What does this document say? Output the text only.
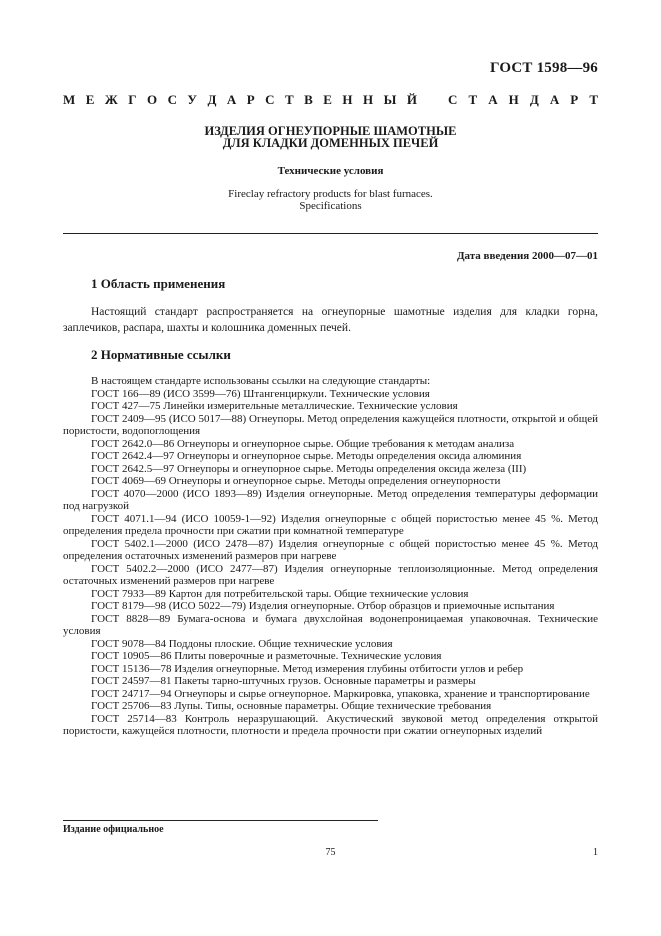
ГОСТ 1598—96
М Е Ж Г О С У Д А Р С Т В Е Н Н Ы Й С Т А Н Д А Р Т
ИЗДЕЛИЯ ОГНЕУПОРНЫЕ ШАМОТНЫЕ
ДЛЯ КЛАДКИ ДОМЕННЫХ ПЕЧЕЙ
Технические условия
Fireclay refractory products for blast furnaces.
Specifications
Дата введения 2000—07—01
1 Область применения

Настоящий стандарт распространяется на огнеупорные шамотные изделия для кладки горна, заплечиков, распара, шахты и колошника доменных печей.

2 Нормативные ссылки
В настоящем стандарте использованы ссылки на следующие стандарты:
ГОСТ 166—89 (ИСО 3599—76) Штангенциркули. Технические условия
ГОСТ 427—75 Линейки измерительные металлические. Технические условия
ГОСТ 2409—95 (ИСО 5017—88) Огнеупоры. Метод определения кажущейся плотности, открытой и общей пористости, водопоглощения
ГОСТ 2642.0—86 Огнеупоры и огнеупорное сырье. Общие требования к методам анализа
ГОСТ 2642.4—97 Огнеупоры и огнеупорное сырье. Методы определения оксида алюминия
ГОСТ 2642.5—97 Огнеупоры и огнеупорное сырье. Методы определения оксида железа (III)
ГОСТ 4069—69 Огнеупоры и огнеупорное сырье. Методы определения огнеупорности
ГОСТ 4070—2000 (ИСО 1893—89) Изделия огнеупорные. Метод определения температуры деформации под нагрузкой
ГОСТ 4071.1—94 (ИСО 10059-1—92) Изделия огнеупорные с общей пористостью менее 45 %. Метод определения предела прочности при сжатии при комнатной температуре
ГОСТ 5402.1—2000 (ИСО 2478—87) Изделия огнеупорные с общей пористостью менее 45 %. Метод определения остаточных изменений размеров при нагреве
ГОСТ 5402.2—2000 (ИСО 2477—87) Изделия огнеупорные теплоизоляционные. Метод определения остаточных изменений размеров при нагреве
ГОСТ 7933—89 Картон для потребительской тары. Общие технические условия
ГОСТ 8179—98 (ИСО 5022—79) Изделия огнеупорные. Отбор образцов и приемочные испытания
ГОСТ 8828—89 Бумага-основа и бумага двухслойная водонепроницаемая упаковочная. Технические условия
ГОСТ 9078—84 Поддоны плоские. Общие технические условия
ГОСТ 10905—86 Плиты поверочные и разметочные. Технические условия
ГОСТ 15136—78 Изделия огнеупорные. Метод измерения глубины отбитости углов и ребер
ГОСТ 24597—81 Пакеты тарно-штучных грузов. Основные параметры и размеры
ГОСТ 24717—94 Огнеупоры и сырье огнеупорное. Маркировка, упаковка, хранение и транспортирование
ГОСТ 25706—83 Лупы. Типы, основные параметры. Общие технические требования
ГОСТ 25714—83 Контроль неразрушающий. Акустический звуковой метод определения открытой пористости, кажущейся плотности, плотности и предела прочности при сжатии огнеупорных изделий
Издание официальное
75	1
